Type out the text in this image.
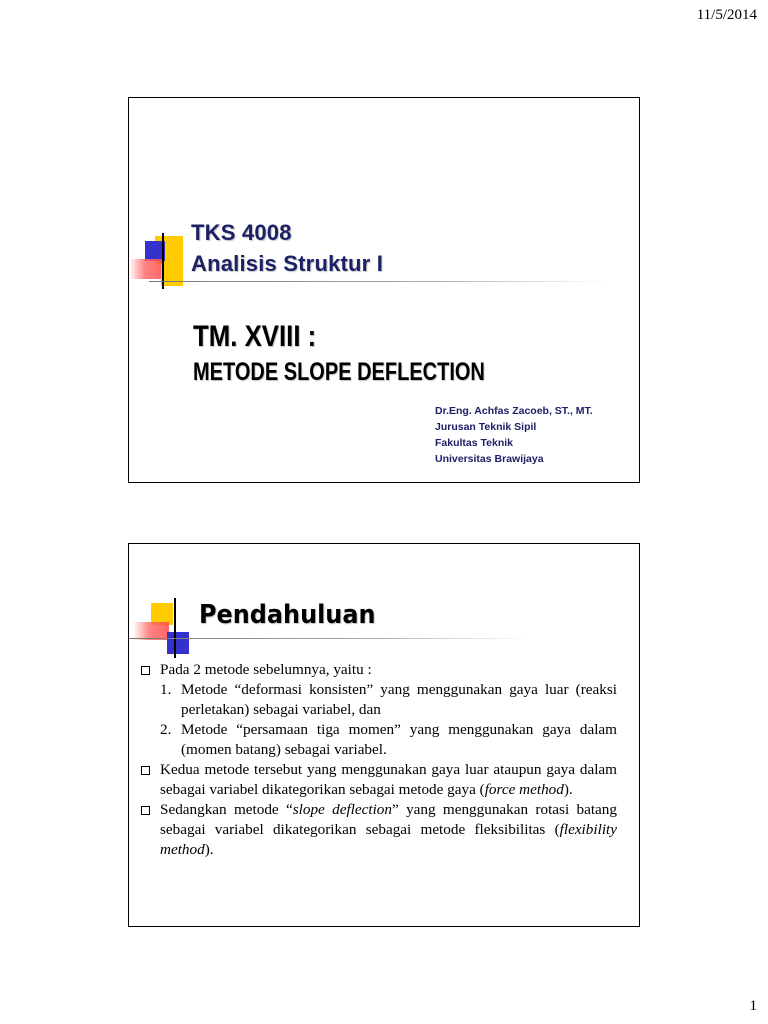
11/5/2014
TKS 4008
Analisis Struktur I
TM. XVIII :
METODE SLOPE DEFLECTION
Dr.Eng. Achfas Zacoeb, ST., MT.
Jurusan Teknik Sipil
Fakultas Teknik
Universitas Brawijaya
Pendahuluan
Pada 2 metode sebelumnya, yaitu :
1. Metode “deformasi konsisten” yang menggunakan gaya luar (reaksi perletakan) sebagai variabel, dan
2. Metode “persamaan tiga momen” yang menggunakan gaya dalam (momen batang) sebagai variabel.
Kedua metode tersebut yang menggunakan gaya luar ataupun gaya dalam sebagai variabel dikategorikan sebagai metode gaya (force method).
Sedangkan metode “slope deflection” yang menggunakan rotasi batang sebagai variabel dikategorikan sebagai metode fleksibilitas (flexibility method).
1
